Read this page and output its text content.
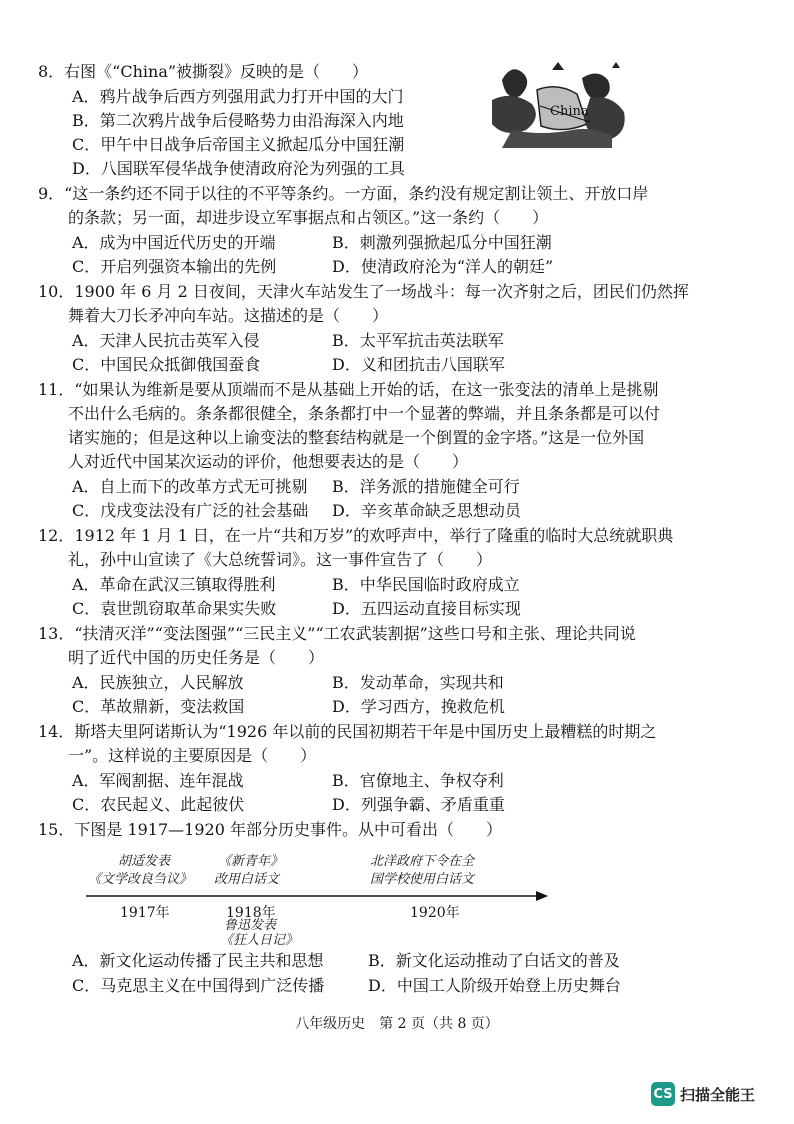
8．右图《“China”被撕裂》反映的是（　　）
A．鸦片战争后西方列强用武力打开中国的大门
B．第二次鸦片战争后侵略势力由沿海深入内地
C．甲午中日战争后帝国主义掀起瓜分中国狂潮
D．八国联军侵华战争使清政府沦为列强的工具
China
9．“这一条约还不同于以往的不平等条约。一方面，条约没有规定割让领土、开放口岸
的条款；另一面，却进步设立军事据点和占领区。”这一条约（　　）
A．成为中国近代历史的开端	B．刺激列强掀起瓜分中国狂潮
C．开启列强资本输出的先例	D．使清政府沦为“洋人的朝廷”
10．1900 年 6 月 2 日夜间，天津火车站发生了一场战斗：每一次齐射之后，团民们仍然挥
舞着大刀长矛冲向车站。这描述的是（　　）
A．天津人民抗击英军入侵	B．太平军抗击英法联军
C．中国民众抵御俄国蚕食	D．义和团抗击八国联军
11．“如果认为维新是要从顶端而不是从基础上开始的话，在这一张变法的清单上是挑剔
不出什么毛病的。条条都很健全，条条都打中一个显著的弊端，并且条条都是可以付
诸实施的；但是这种以上谕变法的整套结构就是一个倒置的金字塔。”这是一位外国
人对近代中国某次运动的评价，他想要表达的是（　　）
A．自上而下的改革方式无可挑剔 B．洋务派的措施健全可行
C．戊戌变法没有广泛的社会基础 D．辛亥革命缺乏思想动员
12．1912 年 1 月 1 日，在一片“共和万岁”的欢呼声中，举行了隆重的临时大总统就职典
礼，孙中山宣读了《大总统誓词》。这一事件宣告了（　　）
A．革命在武汉三镇取得胜利	B．中华民国临时政府成立
C．袁世凯窃取革命果实失败	D．五四运动直接目标实现
13．“扶清灭洋”“变法图强”“三民主义”“工农武装割据”这些口号和主张、理论共同说
明了近代中国的历史任务是（　　）
A．民族独立，人民解放	B．发动革命，实现共和
C．革故鼎新，变法救国	D．学习西方，挽救危机
14．斯塔夫里阿诺斯认为“1926 年以前的民国初期若干年是中国历史上最糟糕的时期之
一”。这样说的主要原因是（　　）
A．军阀割据、连年混战	B．官僚地主、争权夺利
C．农民起义、此起彼伏	D．列强争霸、矛盾重重
15．下图是 1917—1920 年部分历史事件。从中可看出（　　）
胡适发表
《文学改良刍议》
《新青年》
改用白话文
北洋政府下令在全
国学校使用白话文
1917年	1918年	1920年
鲁迅发表
《狂人日记》
A．新文化运动传播了民主共和思想	B．新文化运动推动了白话文的普及
C．马克思主义在中国得到广泛传播	D．中国工人阶级开始登上历史舞台
八年级历史　第 2 页（共 8 页）
CS 扫描全能王
